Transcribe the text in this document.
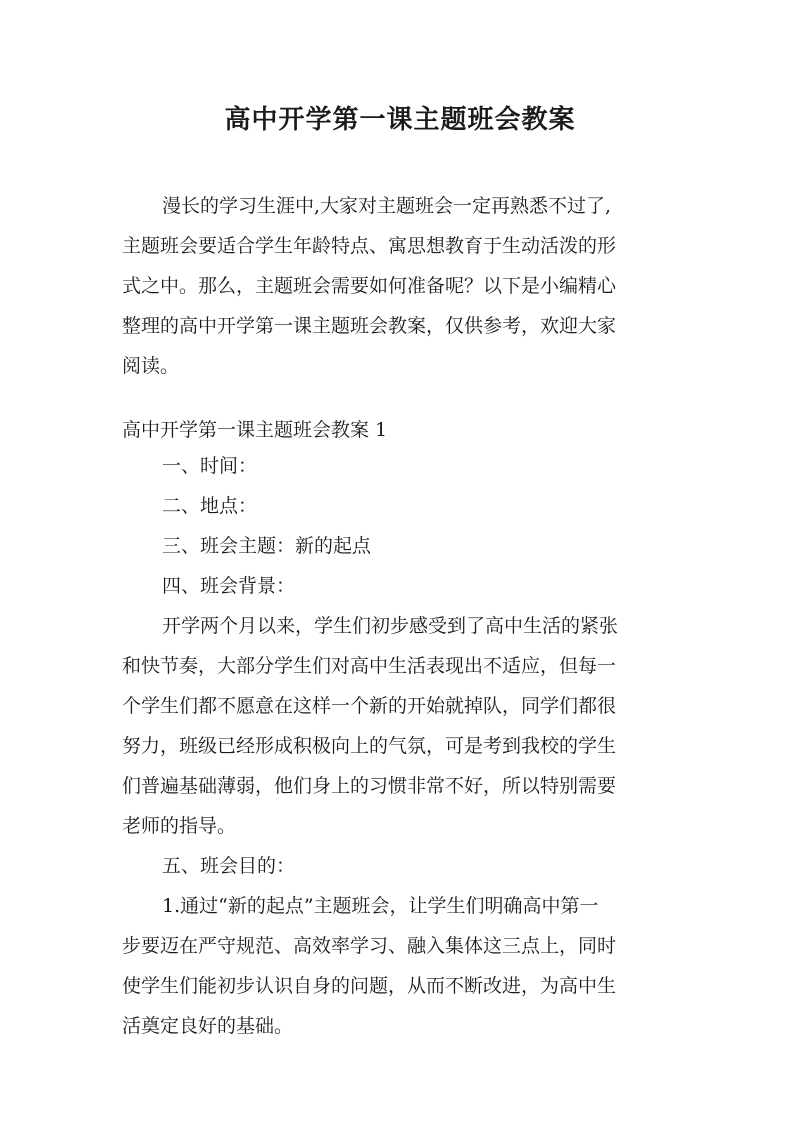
高中开学第一课主题班会教案
漫长的学习生涯中,大家对主题班会一定再熟悉不过了,
主题班会要适合学生年龄特点、寓思想教育于生动活泼的形
式之中。那么，主题班会需要如何准备呢？以下是小编精心
整理的高中开学第一课主题班会教案，仅供参考，欢迎大家
阅读。
高中开学第一课主题班会教案 1
一、时间：
二、地点：
三、班会主题：新的起点
四、班会背景：
开学两个月以来，学生们初步感受到了高中生活的紧张
和快节奏，大部分学生们对高中生活表现出不适应，但每一
个学生们都不愿意在这样一个新的开始就掉队，同学们都很
努力，班级已经形成积极向上的气氛，可是考到我校的学生
们普遍基础薄弱，他们身上的习惯非常不好，所以特别需要
老师的指导。
五、班会目的：
1.通过“新的起点”主题班会，让学生们明确高中第一
步要迈在严守规范、高效率学习、融入集体这三点上，同时
使学生们能初步认识自身的问题，从而不断改进，为高中生
活奠定良好的基础。
